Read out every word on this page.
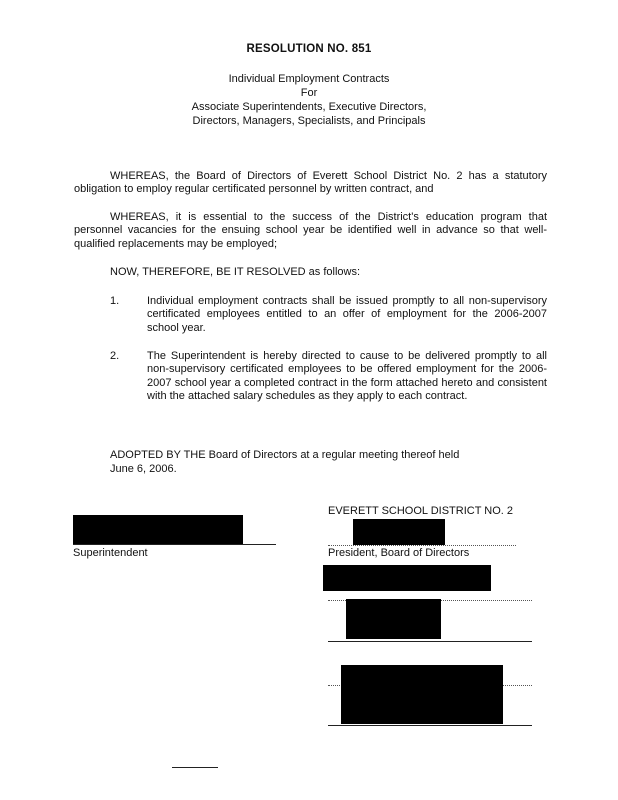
RESOLUTION NO. 851
Individual Employment Contracts
For
Associate Superintendents, Executive Directors,
Directors, Managers, Specialists, and Principals

WHEREAS, the Board of Directors of Everett School District No. 2 has a statutory obligation to employ regular certificated personnel by written contract, and

WHEREAS, it is essential to the success of the District's education program that personnel vacancies for the ensuing school year be identified well in advance so that well-qualified replacements may be employed;

NOW, THEREFORE, BE IT RESOLVED as follows:

1.	Individual employment contracts shall be issued promptly to all non-supervisory certificated employees entitled to an offer of employment for the 2006-2007 school year.

2.	The Superintendent is hereby directed to cause to be delivered promptly to all non-supervisory certificated employees to be offered employment for the 2006-2007 school year a completed contract in the form attached hereto and consistent with the attached salary schedules as they apply to each contract.

ADOPTED BY THE Board of Directors at a regular meeting thereof held
June 6, 2006.
EVERETT SCHOOL DISTRICT NO. 2
Superintendent	President, Board of Directors
